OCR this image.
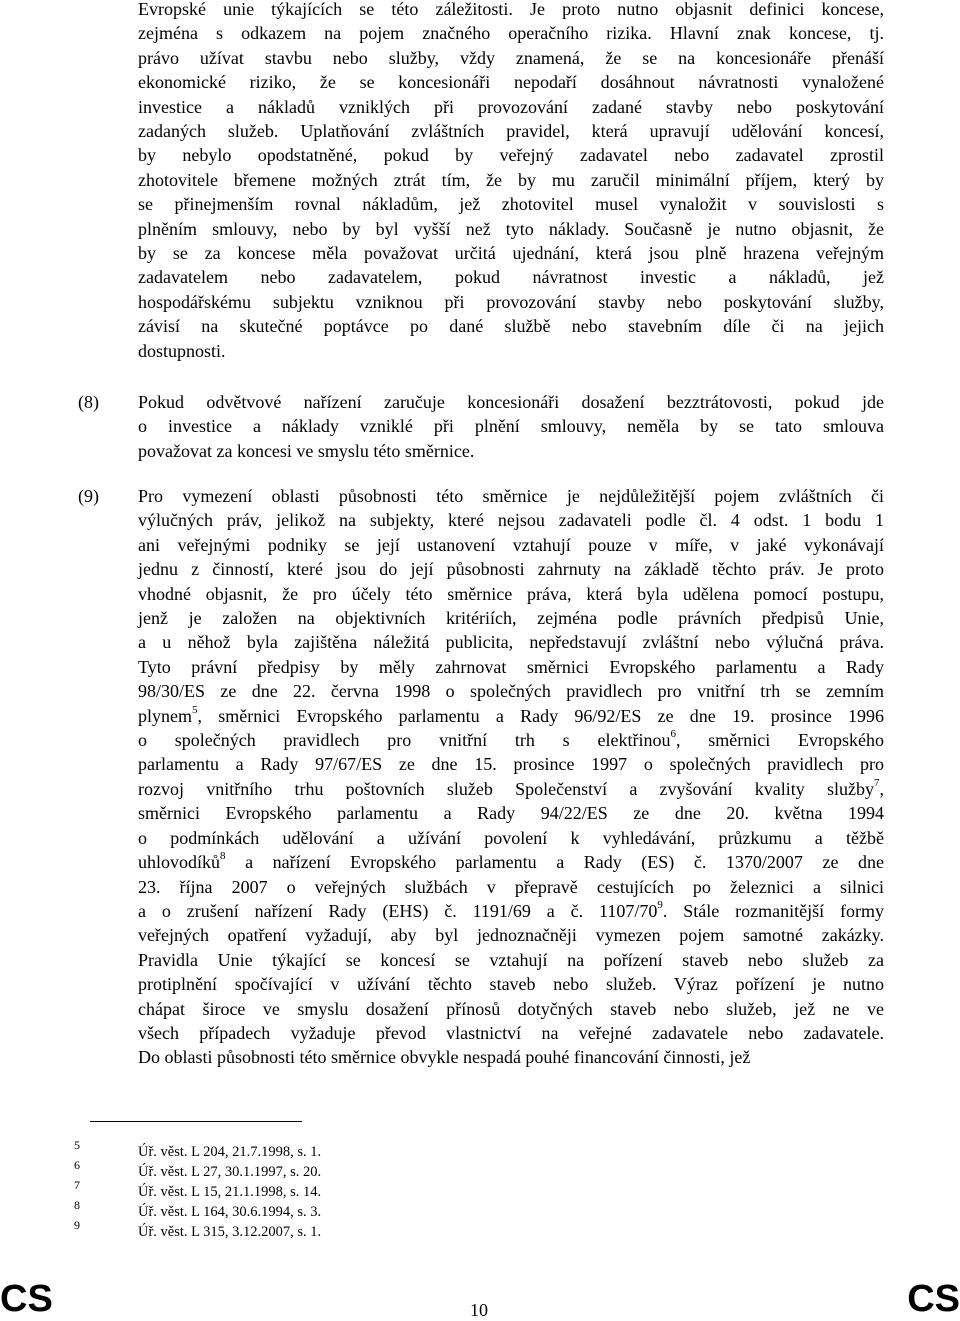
Evropské unie týkajících se této záležitosti. Je proto nutno objasnit definici koncese,
zejména s odkazem na pojem značného operačního rizika. Hlavní znak koncese, tj.
právo užívat stavbu nebo služby, vždy znamená, že se na koncesionáře přenáší
ekonomické riziko, že se koncesionáři nepodaří dosáhnout návratnosti vynaložené
investice a nákladů vzniklých při provozování zadané stavby nebo poskytování
zadaných služeb. Uplatňování zvláštních pravidel, která upravují udělování koncesí,
by nebylo opodstatněné, pokud by veřejný zadavatel nebo zadavatel zprostil
zhotovitele břemene možných ztrát tím, že by mu zaručil minimální příjem, který by
se přinejmenším rovnal nákladům, jež zhotovitel musel vynaložit v souvislosti s
plněním smlouvy, nebo by byl vyšší než tyto náklady. Současně je nutno objasnit, že
by se za koncese měla považovat určitá ujednání, která jsou plně hrazena veřejným
zadavatelem nebo zadavatelem, pokud návratnost investic a nákladů, jež
hospodářskému subjektu vzniknou při provozování stavby nebo poskytování služby,
závisí na skutečné poptávce po dané službě nebo stavebním díle či na jejich
dostupnosti.
(8) Pokud odvětvové nařízení zaručuje koncesionáři dosažení bezztrátovosti, pokud jde
o investice a náklady vzniklé při plnění smlouvy, neměla by se tato smlouva
považovat za koncesi ve smyslu této směrnice.
(9) Pro vymezení oblasti působnosti této směrnice je nejdůležitější pojem zvláštních či
výlučných práv, jelikož na subjekty, které nejsou zadavateli podle čl. 4 odst. 1 bodu 1
ani veřejnými podniky se její ustanovení vztahují pouze v míře, v jaké vykonávají
jednu z činností, které jsou do její působnosti zahrnuty na základě těchto práv. Je proto
vhodné objasnit, že pro účely této směrnice práva, která byla udělena pomocí postupu,
jenž je založen na objektivních kritériích, zejména podle právních předpisů Unie,
a u něhož byla zajištěna náležitá publicita, nepředstavují zvláštní nebo výlučná práva.
Tyto právní předpisy by měly zahrnovat směrnici Evropského parlamentu a Rady
98/30/ES ze dne 22. června 1998 o společných pravidlech pro vnitřní trh se zemním
plynem$^5$, směrnici Evropského parlamentu a Rady 96/92/ES ze dne 19. prosince 1996
o společných pravidlech pro vnitřní trh s elektřinou$^6$, směrnici Evropského
parlamentu a Rady 97/67/ES ze dne 15. prosince 1997 o společných pravidlech pro
rozvoj vnitřního trhu poštovních služeb Společenství a zvyšování kvality služby$^7$,
směrnici Evropského parlamentu a Rady 94/22/ES ze dne 20. května 1994
o podmínkách udělování a užívání povolení k vyhledávání, průzkumu a těžbě
uhlovodíků$^8$ a nařízení Evropského parlamentu a Rady (ES) č. 1370/2007 ze dne
23. října 2007 o veřejných službách v přepravě cestujících po železnici a silnici
a o zrušení nařízení Rady (EHS) č. 1191/69 a č. $1107/70^9$. Stále rozmanitější formy
veřejných opatření vyžadují, aby byl jednoznačněji vymezen pojem samotné zakázky.
Pravidla Unie týkající se koncesí se vztahují na pořízení staveb nebo služeb za
protiplnění spočívající v užívání těchto staveb nebo služeb. Výraz pořízení je nutno
chápat široce ve smyslu dosažení přínosů dotyčných staveb nebo služeb, jež ne ve
všech případech vyžaduje převod vlastnictví na veřejné zadavatele nebo zadavatele.
Do oblasti působnosti této směrnice obvykle nespadá pouhé financování činnosti, jež
5	Úř. věst. L 204, 21.7.1998, s. 1.
6	Úř. věst. L 27, 30.1.1997, s. 20.
7	Úř. věst. L 15, 21.1.1998, s. 14.
8	Úř. věst. L 164, 30.6.1994, s. 3.
9	Úř. věst. L 315, 3.12.2007, s. 1.
CS	10	CS
